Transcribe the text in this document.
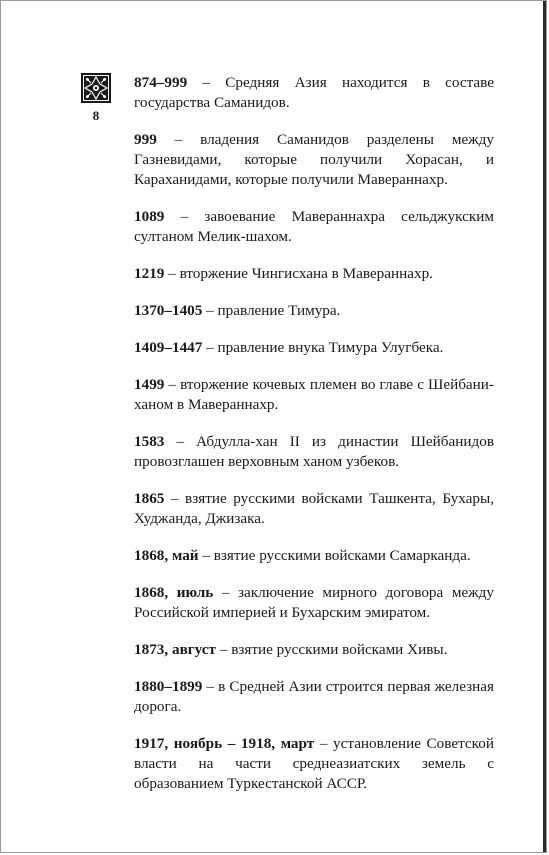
8
874–999 – Средняя Азия находится в составе государства Саманидов.
999 – владения Саманидов разделены между Газневидами, которые получили Хорасан, и Караханидами, которые получили Мавераннахр.
1089 – завоевание Мавераннахра сельджукским султаном Мелик-шахом.
1219 – вторжение Чингисхана в Мавераннахр.
1370–1405 – правление Тимура.
1409–1447 – правление внука Тимура Улугбека.
1499 – вторжение кочевых племен во главе с Шейбани-ханом в Мавераннахр.
1583 – Абдулла-хан II из династии Шейбанидов провозглашен верховным ханом узбеков.
1865 – взятие русскими войсками Ташкента, Бухары, Худжанда, Джизака.
1868, май – взятие русскими войсками Самарканда.
1868, июль – заключение мирного договора между Российской империей и Бухарским эмиратом.
1873, август – взятие русскими войсками Хивы.
1880–1899 – в Средней Азии строится первая железная дорога.
1917, ноябрь – 1918, март – установление Советской власти на части среднеазиатских земель с образованием Туркестанской АССР.
